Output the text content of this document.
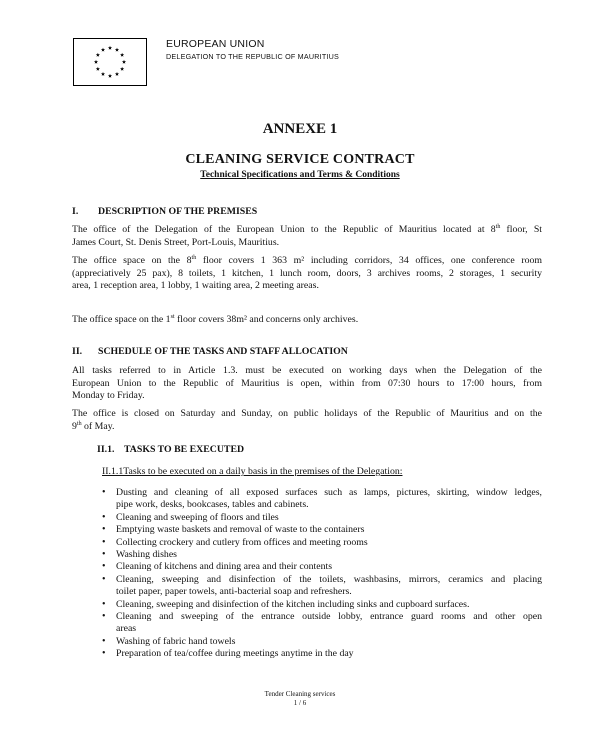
EUROPEAN UNION
DELEGATION TO THE REPUBLIC OF MAURITIUS
ANNEXE 1
CLEANING SERVICE CONTRACT
Technical Specifications and Terms & Conditions
I. DESCRIPTION OF THE PREMISES
The office of the Delegation of the European Union to the Republic of Mauritius located at 8th floor, St
James Court, St. Denis Street, Port-Louis, Mauritius.
The office space on the 8th floor covers 1 363 m² including corridors, 34 offices, one conference room
(appreciatively 25 pax), 8 toilets, 1 kitchen, 1 lunch room, doors, 3 archives rooms, 2 storages, 1 security
area, 1 reception area, 1 lobby, 1 waiting area, 2 meeting areas.
The office space on the 1st floor covers 38m² and concerns only archives.
II. SCHEDULE OF THE TASKS AND STAFF ALLOCATION
All tasks referred to in Article 1.3. must be executed on working days when the Delegation of the
European Union to the Republic of Mauritius is open, within from 07:30 hours to 17:00 hours, from
Monday to Friday.
The office is closed on Saturday and Sunday, on public holidays of the Republic of Mauritius and on the
9th of May.
II.1. TASKS TO BE EXECUTED
II.1.1Tasks to be executed on a daily basis in the premises of the Delegation:
• Dusting and cleaning of all exposed surfaces such as lamps, pictures, skirting, window ledges,
pipe work, desks, bookcases, tables and cabinets.
• Cleaning and sweeping of floors and tiles
• Emptying waste baskets and removal of waste to the containers
• Collecting crockery and cutlery from offices and meeting rooms
• Washing dishes
• Cleaning of kitchens and dining area and their contents
• Cleaning, sweeping and disinfection of the toilets, washbasins, mirrors, ceramics and placing
toilet paper, paper towels, anti-bacterial soap and refreshers.
• Cleaning, sweeping and disinfection of the kitchen including sinks and cupboard surfaces.
• Cleaning and sweeping of the entrance outside lobby, entrance guard rooms and other open
areas
• Washing of fabric hand towels
• Preparation of tea/coffee during meetings anytime in the day
Tender Cleaning services
1 / 6
